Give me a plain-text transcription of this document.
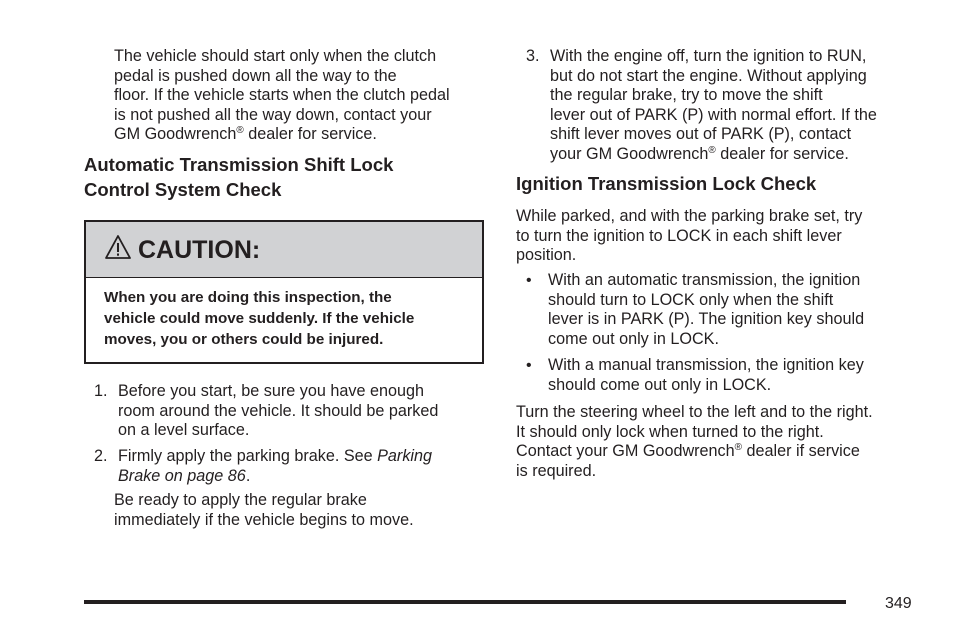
The vehicle should start only when the clutch
pedal is pushed down all the way to the
floor. If the vehicle starts when the clutch pedal
is not pushed all the way down, contact your
GM Goodwrench® dealer for service.
Automatic Transmission Shift Lock
Control System Check
CAUTION:
When you are doing this inspection, the
vehicle could move suddenly. If the vehicle
moves, you or others could be injured.
1. Before you start, be sure you have enough
room around the vehicle. It should be parked
on a level surface.
2. Firmly apply the parking brake. See Parking
Brake on page 86.
Be ready to apply the regular brake
immediately if the vehicle begins to move.
3. With the engine off, turn the ignition to RUN,
but do not start the engine. Without applying
the regular brake, try to move the shift
lever out of PARK (P) with normal effort. If the
shift lever moves out of PARK (P), contact
your GM Goodwrench® dealer for service.
Ignition Transmission Lock Check
While parked, and with the parking brake set, try
to turn the ignition to LOCK in each shift lever
position.
• With an automatic transmission, the ignition
should turn to LOCK only when the shift
lever is in PARK (P). The ignition key should
come out only in LOCK.
• With a manual transmission, the ignition key
should come out only in LOCK.
Turn the steering wheel to the left and to the right.
It should only lock when turned to the right.
Contact your GM Goodwrench® dealer if service
is required.
349
